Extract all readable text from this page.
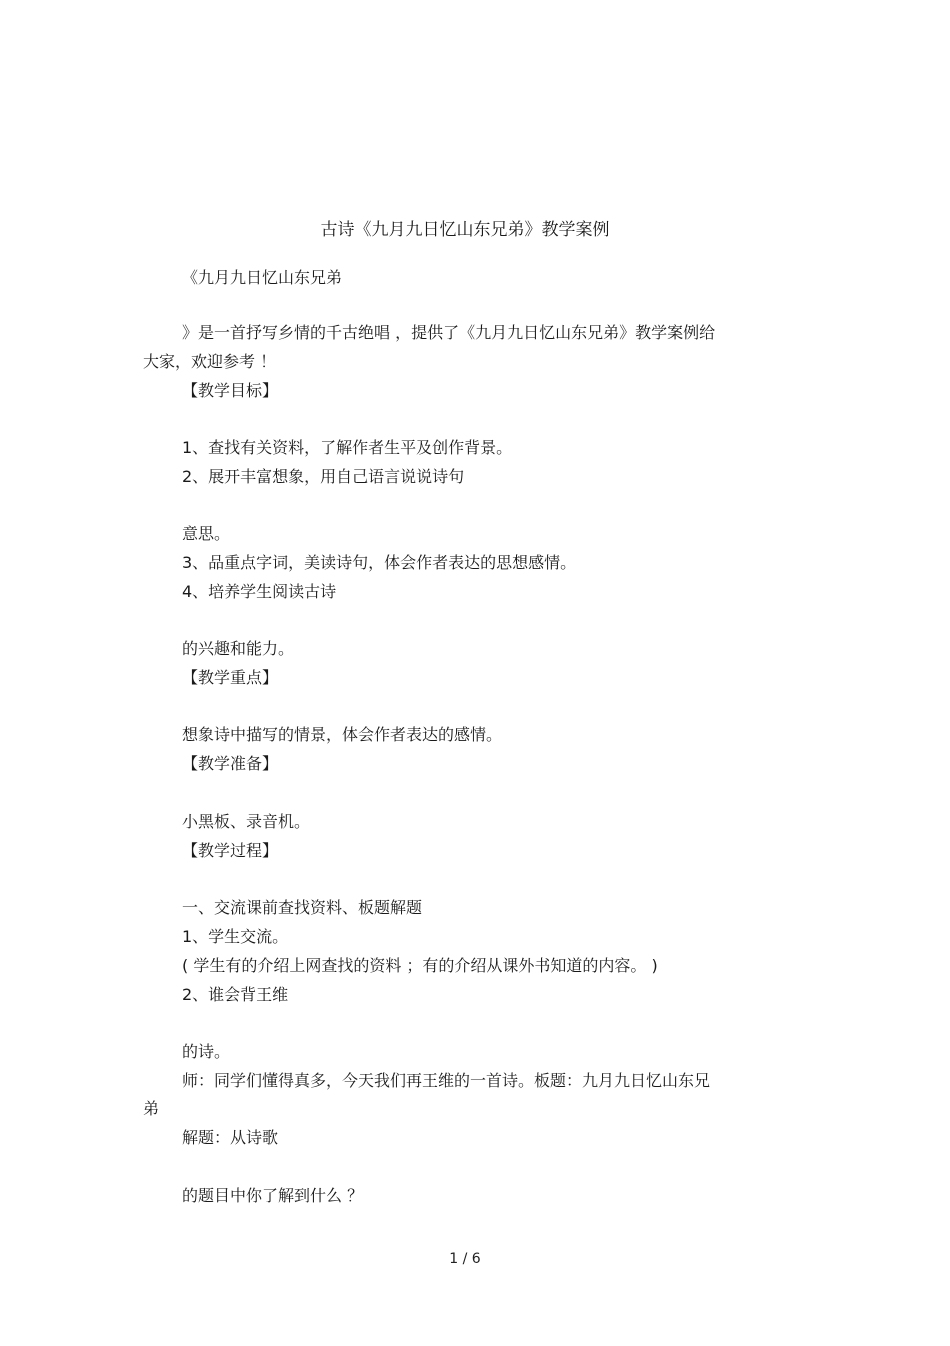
古诗《九月九日忆山东兄弟》教学案例
《九月九日忆山东兄弟
》是一首抒写乡情的千古绝唱 ，提供了《九月九日忆山东兄弟》教学案例给
大家，欢迎参考 ！
【教学目标】
1、查找有关资料，了解作者生平及创作背景。
2、展开丰富想象，用自己语言说说诗句
意思。
3、品重点字词，美读诗句，体会作者表达的思想感情。
4、培养学生阅读古诗
的兴趣和能力。
【教学重点】
想象诗中描写的情景，体会作者表达的感情。
【教学准备】
小黑板、录音机。
【教学过程】
一、交流课前查找资料、板题解题
1、学生交流。
( 学生有的介绍上网查找的资料 ；有的介绍从课外书知道的内容。 )
2、谁会背王维
的诗。
师：同学们懂得真多，今天我们再王维的一首诗。板题：九月九日忆山东兄
弟
解题：从诗歌
的题目中你了解到什么 ？
1 / 6
